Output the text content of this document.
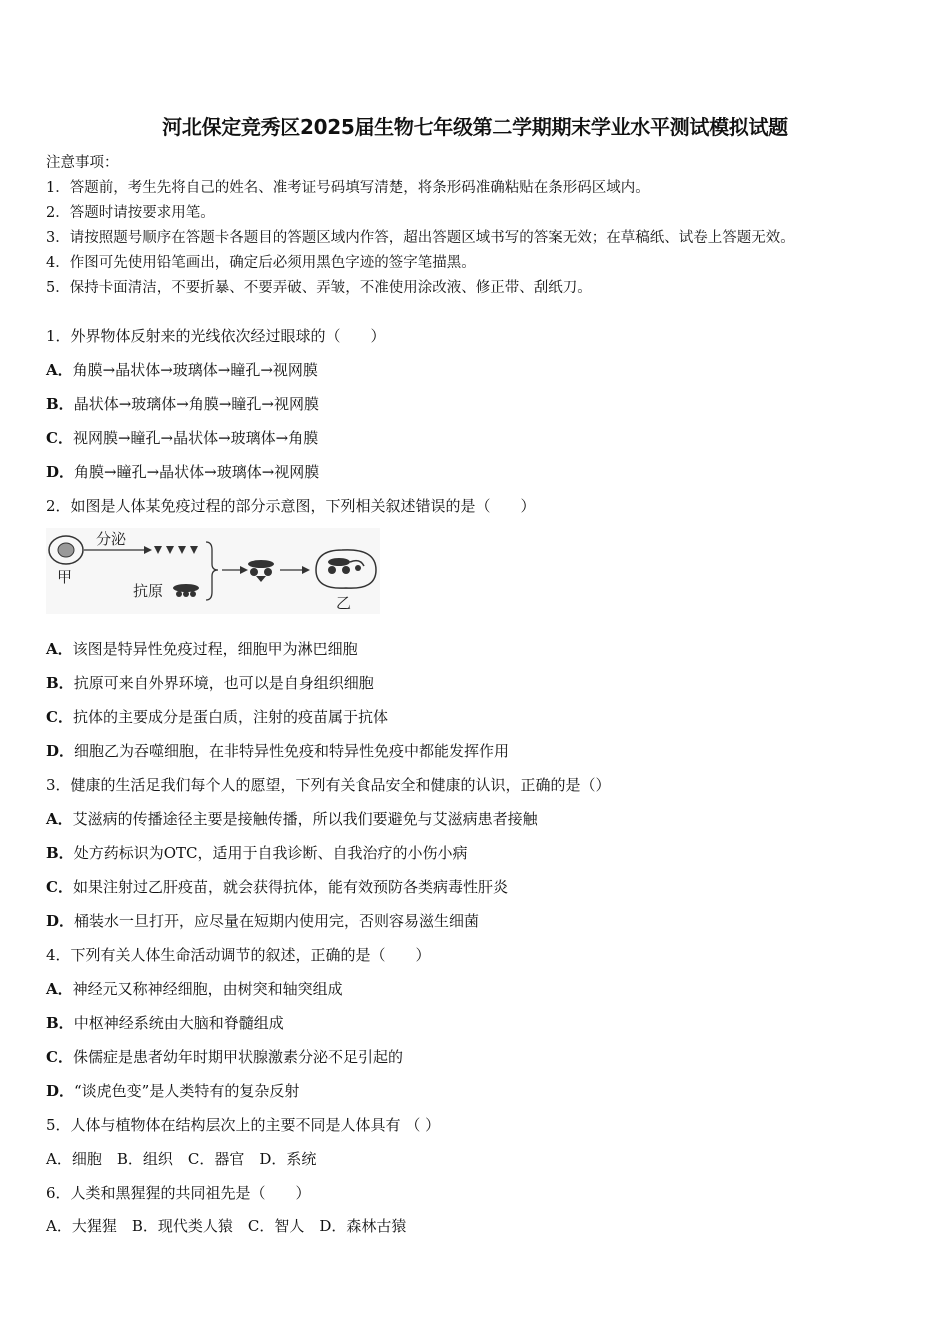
河北保定竞秀区2025届生物七年级第二学期期末学业水平测试模拟试题
注意事项：
1．答题前，考生先将自己的姓名、准考证号码填写清楚，将条形码准确粘贴在条形码区域内。
2．答题时请按要求用笔。
3．请按照题号顺序在答题卡各题目的答题区域内作答，超出答题区域书写的答案无效；在草稿纸、试卷上答题无效。
4．作图可先使用铅笔画出，确定后必须用黑色字迹的签字笔描黑。
5．保持卡面清洁，不要折暴、不要弄破、弄皱，不准使用涂改液、修正带、刮纸刀。
1．外界物体反射来的光线依次经过眼球的（　　）
A．角膜→晶状体→玻璃体→瞳孔→视网膜
B．晶状体→玻璃体→角膜→瞳孔→视网膜
C．视网膜→瞳孔→晶状体→玻璃体→角膜
D．角膜→瞳孔→晶状体→玻璃体→视网膜
2．如图是人体某免疫过程的部分示意图，下列相关叙述错误的是（　　）
甲
分泌
抗原
乙
A．该图是特异性免疫过程，细胞甲为淋巴细胞
B．抗原可来自外界环境，也可以是自身组织细胞
C．抗体的主要成分是蛋白质，注射的疫苗属于抗体
D．细胞乙为吞噬细胞，在非特异性免疫和特异性免疫中都能发挥作用
3．健康的生活足我们每个人的愿望，下列有关食品安全和健康的认识，正确的是（）
A．艾滋病的传播途径主要是接触传播，所以我们要避免与艾滋病患者接触
B．处方药标识为OTC，适用于自我诊断、自我治疗的小伤小病
C．如果注射过乙肝疫苗，就会获得抗体，能有效预防各类病毒性肝炎
D．桶装水一旦打开，应尽量在短期内使用完，否则容易滋生细菌
4．下列有关人体生命活动调节的叙述，正确的是（　　）
A．神经元又称神经细胞，由树突和轴突组成
B．中枢神经系统由大脑和脊髓组成
C．侏儒症是患者幼年时期甲状腺激素分泌不足引起的
D．“谈虎色变”是人类特有的复杂反射
5．人体与植物体在结构层次上的主要不同是人体具有 （ ）
A．细胞　B．组织　C．器官　D．系统
6．人类和黑猩猩的共同祖先是（　　）
A．大猩猩　B．现代类人猿　C．智人　D．森林古猿
